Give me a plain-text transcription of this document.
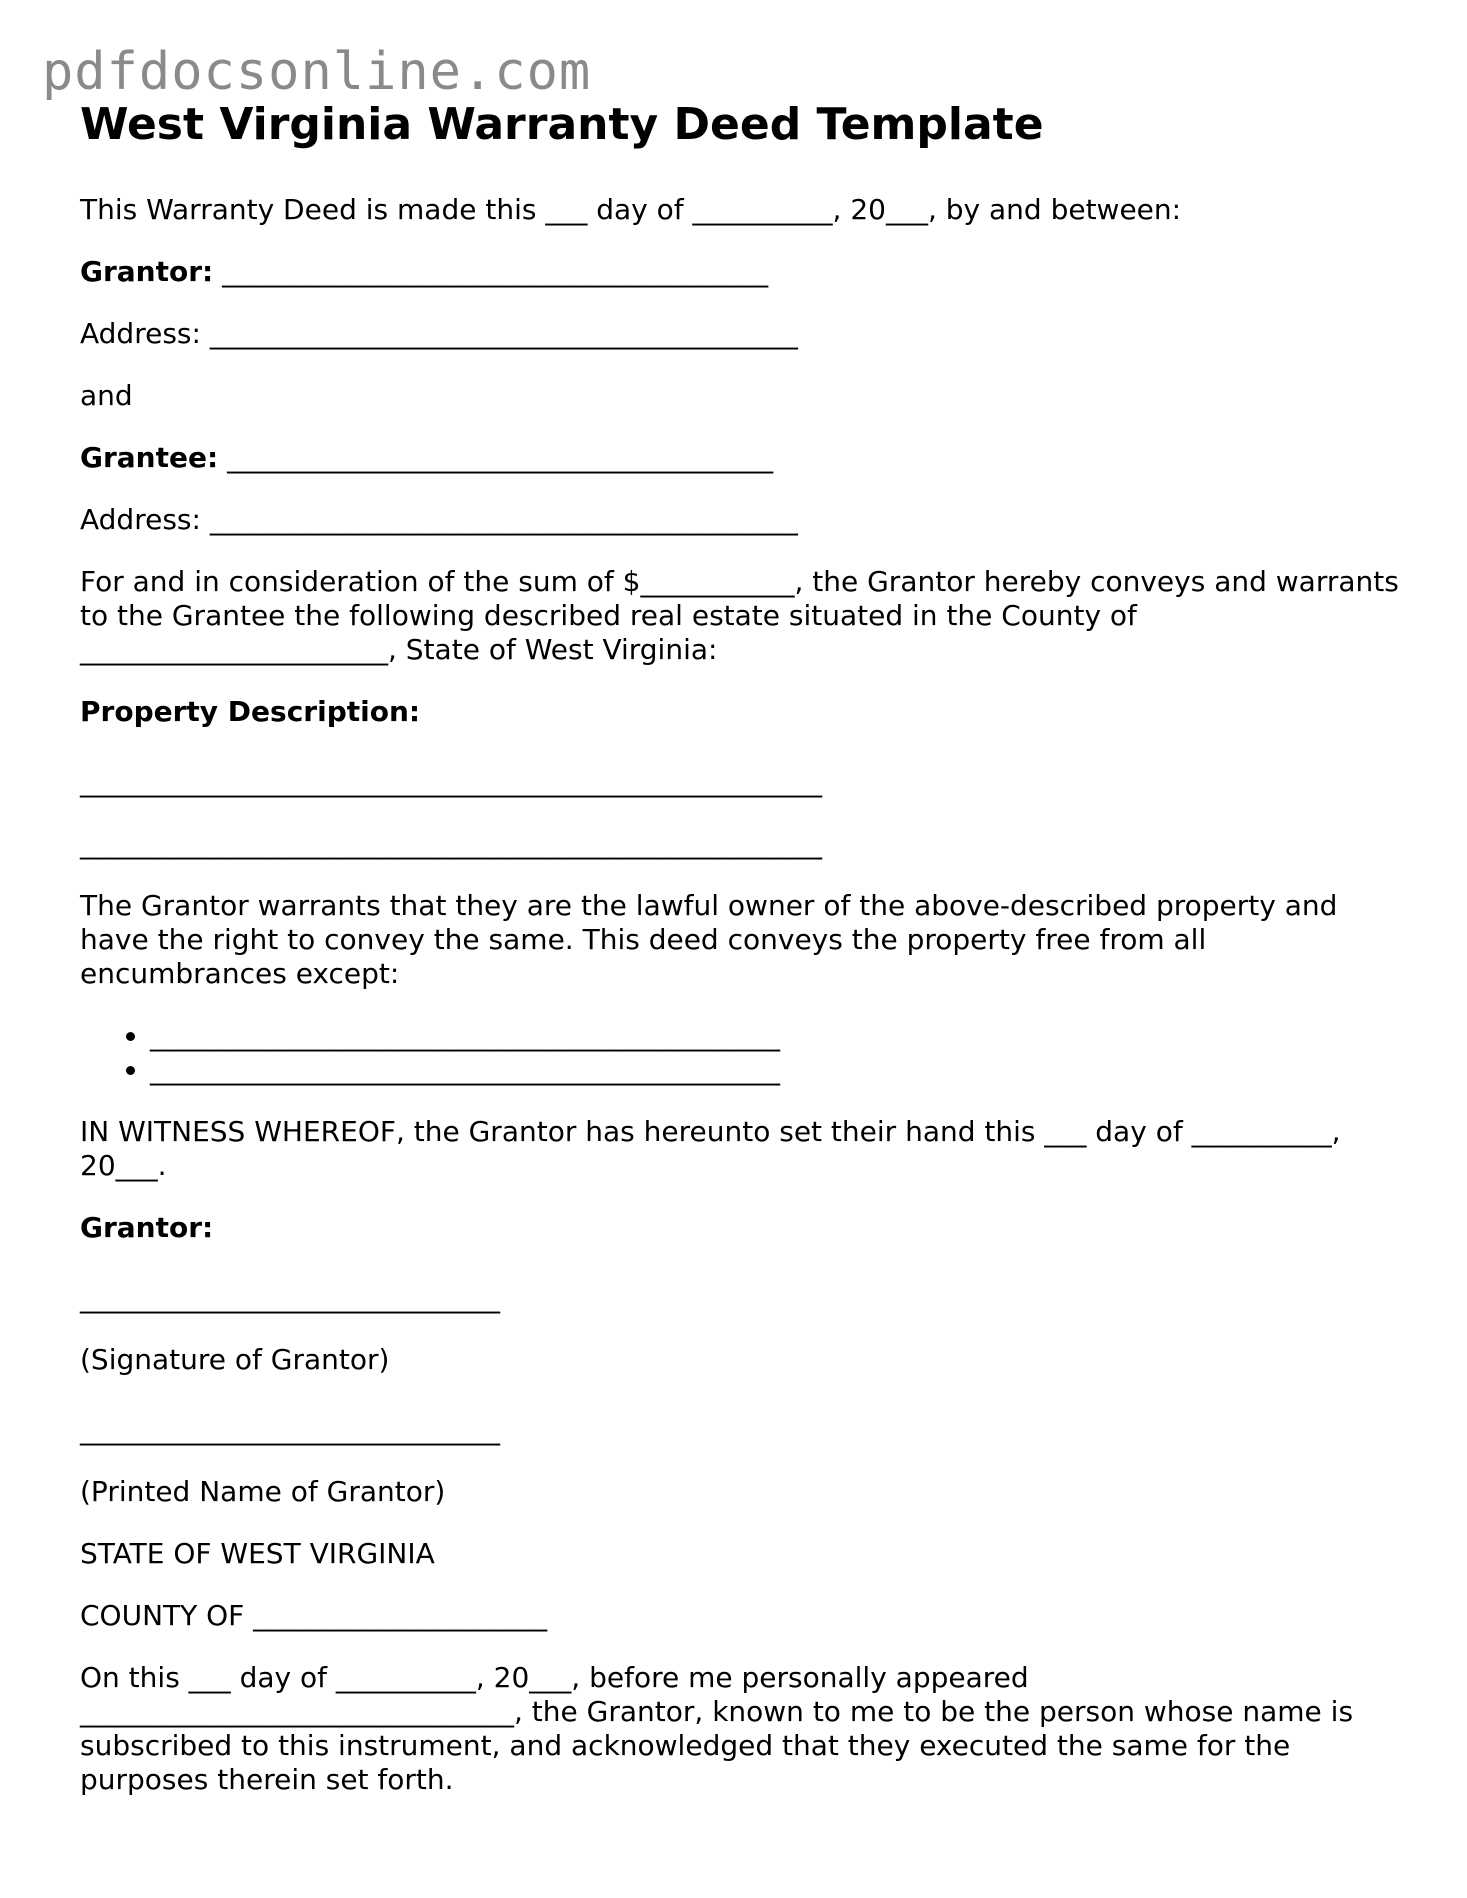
pdfdocsonline.com
West Virginia Warranty Deed Template

This Warranty Deed is made this ___ day of __________, 20___, by and between:

Grantor: _______________________________________

Address: __________________________________________

and

Grantee: _______________________________________

Address: __________________________________________

For and in consideration of the sum of $___________, the Grantor hereby conveys and warrants to the Grantee the following described real estate situated in the County of ______________________, State of West Virginia:

Property Description:

_____________________________________________________

_____________________________________________________

The Grantor warrants that they are the lawful owner of the above-described property and have the right to convey the same. This deed conveys the property free from all encumbrances except:

• _____________________________________________
• _____________________________________________

IN WITNESS WHEREOF, the Grantor has hereunto set their hand this ___ day of __________, 20___.

Grantor:

______________________________

(Signature of Grantor)

______________________________

(Printed Name of Grantor)

STATE OF WEST VIRGINIA

COUNTY OF _____________________

On this ___ day of __________, 20___, before me personally appeared _______________________________, the Grantor, known to me to be the person whose name is subscribed to this instrument, and acknowledged that they executed the same for the purposes therein set forth.
